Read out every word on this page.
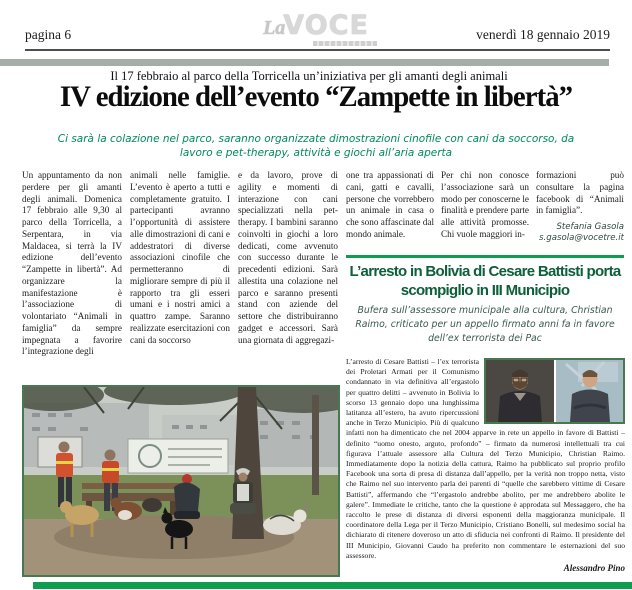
pagina 6	venerdì 18 gennaio 2019
LaVOCE
Il 17 febbraio al parco della Torricella un’iniziativa per gli amanti degli animali
IV edizione dell’evento “Zampette in libertà”
Ci sarà la colazione nel parco, saranno organizzate dimostrazioni cinofile con cani da soccorso, da lavoro e pet-therapy, attività e giochi all’aria aperta
Un appuntamento da non perdere per gli amanti degli animali. Domenica 17 febbraio alle 9,30 al parco della Torricella, a Serpentara, in via Maldacea, si terrà la IV edizione dell’evento “Zampette in libertà”. Ad organizzare la manifestazione è l’associazione di volontariato “Animali in famiglia” da sempre impegnata a favorire l’integrazione degli
animali nelle famiglie. L’evento è aperto a tutti e completamente gratuito. I partecipanti avranno l’opportunità di assistere alle dimostrazioni di cani e addestratori di diverse associazioni cinofile che permetteranno di migliorare sempre di più il rapporto tra gli esseri umani e i nostri amici a quattro zampe. Saranno realizzate esercitazioni con cani da soccorso
e da lavoro, prove di agility e momenti di interazione con cani specializzati nella pet-therapy. I bambini saranno coinvolti in giochi a loro dedicati, come avvenuto con successo durante le precedenti edizioni. Sarà allestita una colazione nel parco e saranno presenti stand con aziende del settore che distribuiranno gadget e accessori. Sarà una giornata di aggregazi-
one tra appassionati di cani, gatti e cavalli, persone che vorrebbero un animale in casa o che sono affascinate dal mondo animale.
Per chi non conosce l’associazione sarà un modo per conoscerne le finalità e prendere parte alle attività promosse. Chi vuole maggiori in-
formazioni può consultare la pagina facebook di “Animali in famiglia”.
Stefania Gasola
s.gasola@vocetre.it
L’arresto in Bolivia di Cesare Battisti porta scompiglio in III Municipio
Bufera sull’assessore municipale alla cultura, Christian Raimo, criticato per un appello firmato anni fa in favore dell’ex terrorista dei Pac
L’arresto di Cesare Battisti – l’ex terrorista dei Proletari Armati per il Comunismo condannato in via definitiva all’ergastolo per quattro delitti – avvenuto in Bolivia lo scorso 13 gennaio dopo una lunghissima latitanza all’estero, ha avuto ripercussioni anche in Terzo Municipio. Più di qualcuno infatti non ha dimenticato che nel 2004 apparve in rete un appello in favore di Battisti – definito “uomo onesto, arguto, profondo” – firmato da numerosi intellettuali tra cui figurava l’attuale assessore alla Cultura del Terzo Municipio, Christian Raimo. Immediatamente dopo la notizia della cattura, Raimo ha pubblicato sul proprio profilo Facebook una sorta di presa di distanza dall’appello, per la verità non troppo netta, visto che Raimo nel suo intervento parla dei parenti di “quelle che sarebbero vittime di Cesare Battisti”, affermando che “l’ergastolo andrebbe abolito, per me andrebbero abolite le galere”. Immediate le critiche, tanto che la questione è approdata sul Messaggero, che ha raccolto le prese di distanza di diversi esponenti della maggioranza municipale. Il coordinatore della Lega per il Terzo Municipio, Cristiano Bonelli, sul medesimo social ha dichiarato di ritenere doveroso un atto di sfiducia nei confronti di Raimo. Il presidente del III Municipio, Giovanni Caudo ha preferito non commentare le esternazioni del suo assessore.
Alessandro Pino
